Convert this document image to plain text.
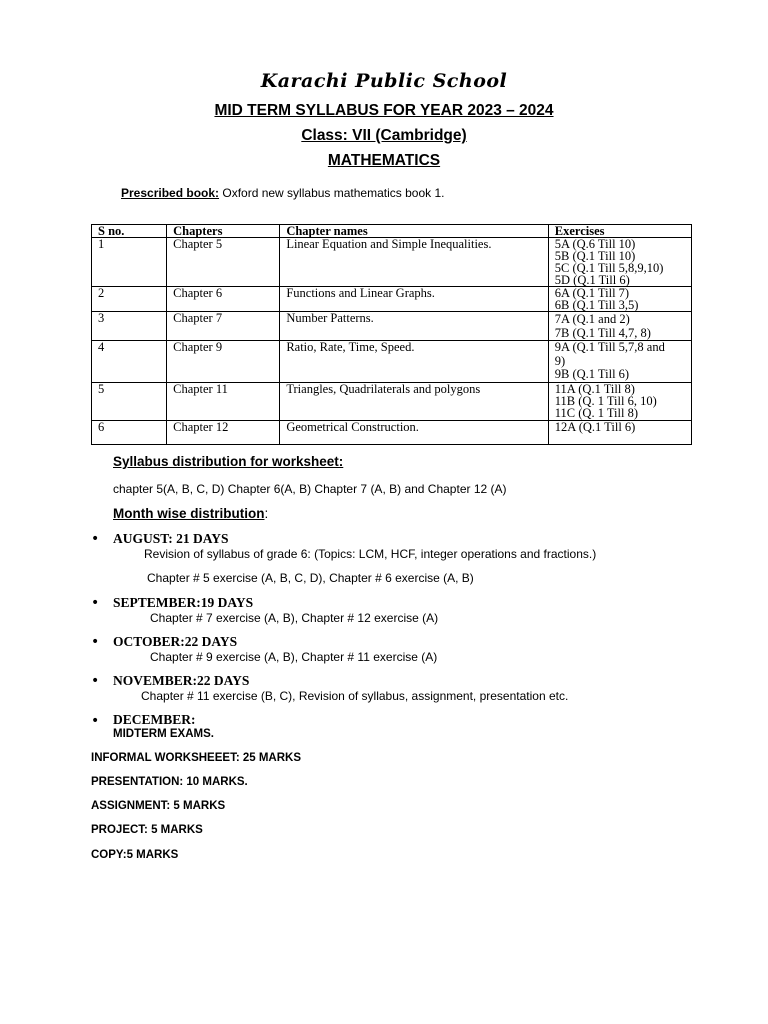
Karachi Public School
MID TERM SYLLABUS FOR YEAR 2023 – 2024
Class: VII (Cambridge)
MATHEMATICS
Prescribed book: Oxford new syllabus mathematics book 1.
S no.	Chapters	Chapter names	Exercises
1	Chapter 5	Linear Equation and Simple Inequalities.	5A (Q.6 Till 10)
5B (Q.1 Till 10)
5C (Q.1 Till 5,8,9,10)
5D (Q.1 Till 6)

2	Chapter 6	Functions and Linear Graphs.	6A (Q.1 Till 7)
6B (Q.1 Till 3,5)

3	Chapter 7	Number Patterns.	7A (Q.1 and 2)
7B (Q.1 Till 4,7, 8)

4	Chapter 9	Ratio, Rate, Time, Speed.	9A (Q.1 Till 5,7,8 and
9)
9B (Q.1 Till 6)

5	Chapter 11	Triangles, Quadrilaterals and polygons	11A (Q.1 Till 8)
11B (Q. 1 Till 6, 10)
11C (Q. 1 Till 8)

6	Chapter 12	Geometrical Construction.	12A (Q.1 Till 6)
Syllabus distribution for worksheet:
chapter 5(A, B, C, D) Chapter 6(A, B) Chapter 7 (A, B) and Chapter 12 (A)
Month wise distribution:
• AUGUST: 21 DAYS
Revision of syllabus of grade 6: (Topics: LCM, HCF, integer operations and fractions.)
Chapter # 5 exercise (A, B, C, D), Chapter # 6 exercise (A, B)
• SEPTEMBER:19 DAYS
Chapter # 7 exercise (A, B), Chapter # 12 exercise (A)
• OCTOBER:22 DAYS
Chapter # 9 exercise (A, B), Chapter # 11 exercise (A)
• NOVEMBER:22 DAYS
Chapter # 11 exercise (B, C), Revision of syllabus, assignment, presentation etc.
• DECEMBER:
MIDTERM EXAMS.
INFORMAL WORKSHEEET: 25 MARKS
PRESENTATION: 10 MARKS.
ASSIGNMENT: 5 MARKS
PROJECT: 5 MARKS
COPY:5 MARKS
